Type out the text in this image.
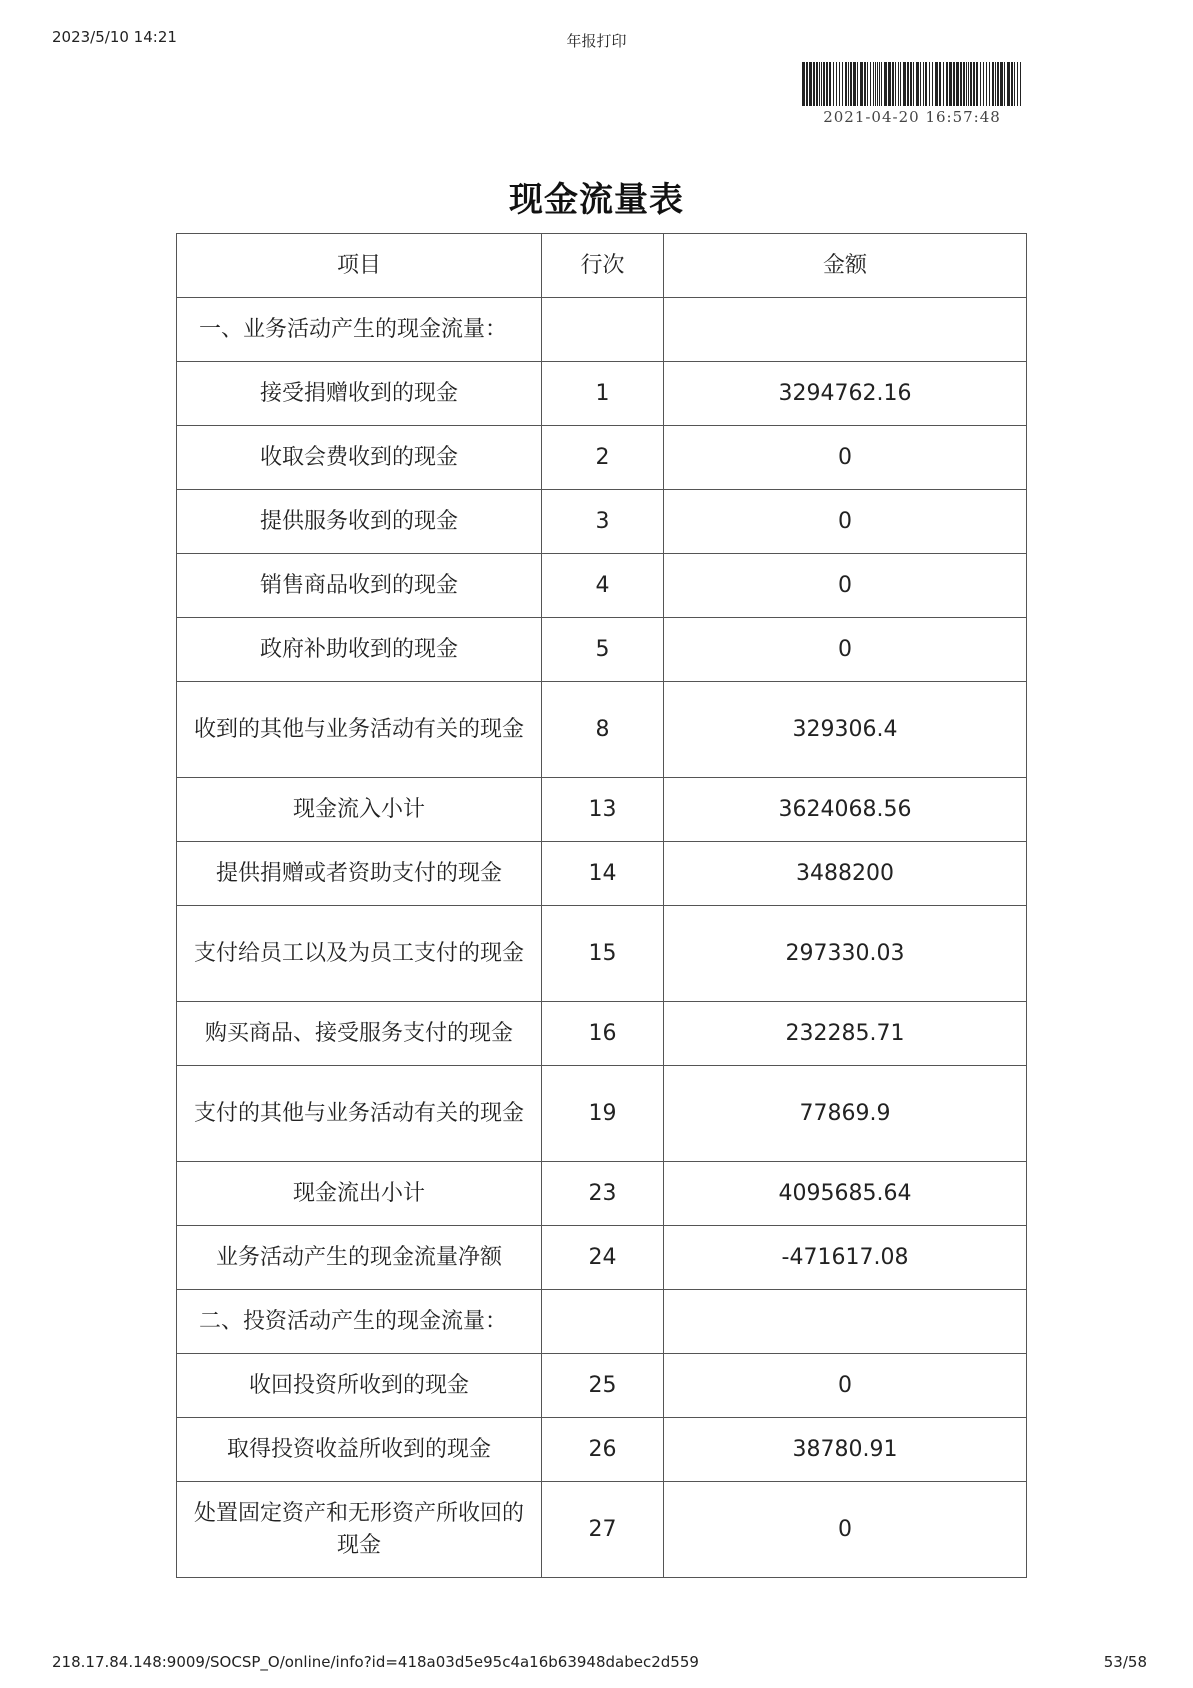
2023/5/10 14:21	年报打印
2021-04-20 16:57:48
现金流量表
项目	行次	金额
一、业务活动产生的现金流量：		
接受捐赠收到的现金	1	3294762.16
收取会费收到的现金	2	0
提供服务收到的现金	3	0
销售商品收到的现金	4	0
政府补助收到的现金	5	0
收到的其他与业务活动有关的现金	8	329306.4
现金流入小计	13	3624068.56
提供捐赠或者资助支付的现金	14	3488200
支付给员工以及为员工支付的现金	15	297330.03
购买商品、接受服务支付的现金	16	232285.71
支付的其他与业务活动有关的现金	19	77869.9
现金流出小计	23	4095685.64
业务活动产生的现金流量净额	24	-471617.08
二、投资活动产生的现金流量：		
收回投资所收到的现金	25	0
取得投资收益所收到的现金	26	38780.91
处置固定资产和无形资产所收回的现金	27	0
218.17.84.148:9009/SOCSP_O/online/info?id=418a03d5e95c4a16b63948dabec2d559	53/58
